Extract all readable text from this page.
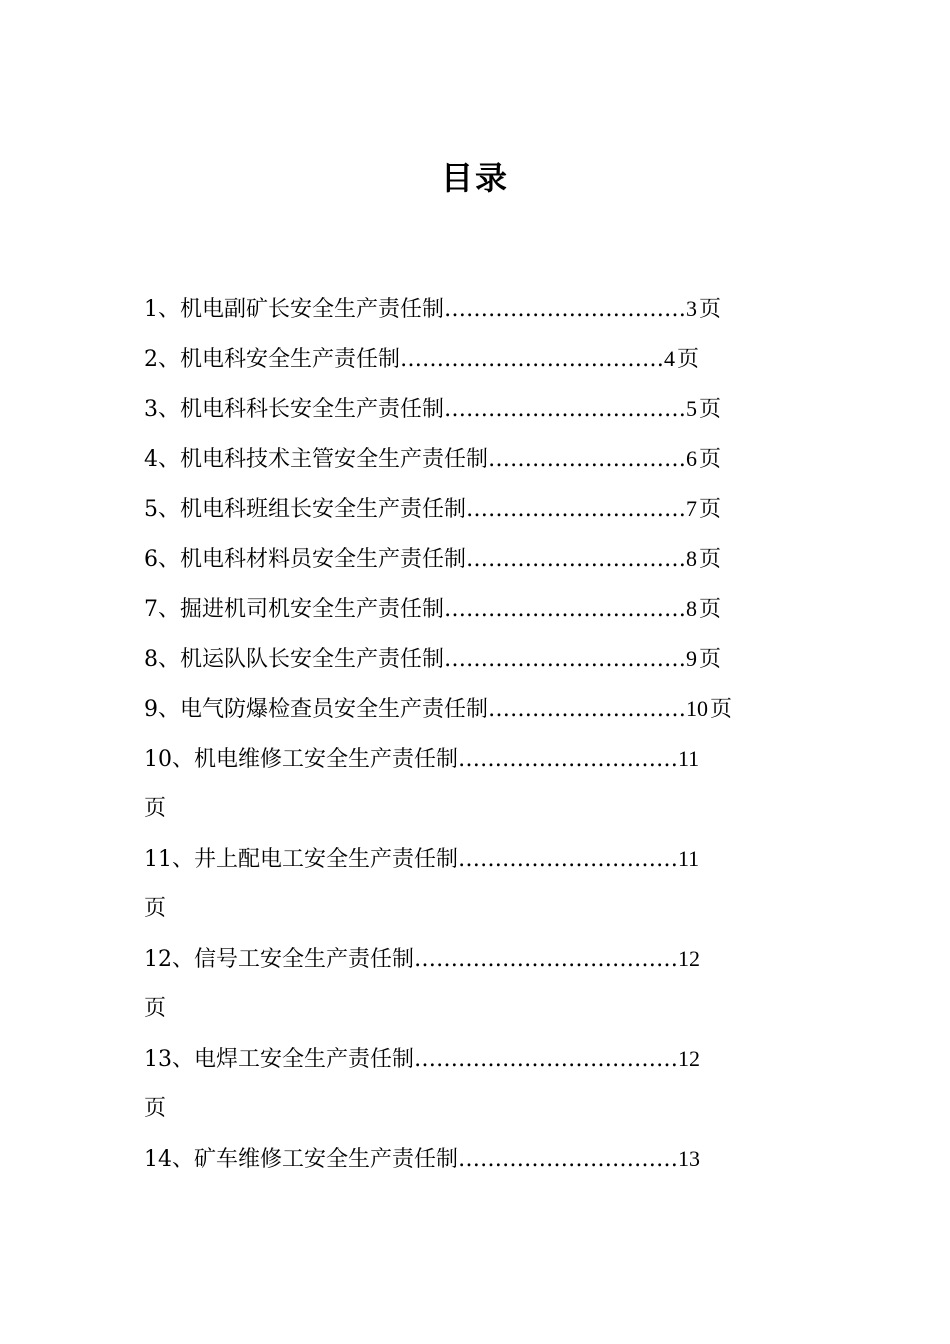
目录
1、机电副矿长安全生产责任制 …………………………… 3 页
2、机电科安全生产责任制 ……………………………… 4 页
3、机电科科长安全生产责任制 …………………………… 5 页
4、机电科技术主管安全生产责任制 ……………………… 6 页
5、机电科班组长安全生产责任制 ………………………… 7 页
6、机电科材料员安全生产责任制 ………………………… 8 页
7、掘进机司机安全生产责任制 …………………………… 8 页
8、机运队队长安全生产责任制 …………………………… 9 页
9、电气防爆检查员安全生产责任制 ……………………… 10 页
10、机电维修工安全生产责任制 ………………………… 11
页
11、井上配电工安全生产责任制 ………………………… 11
页
12、信号工安全生产责任制 ……………………………… 12
页
13、电焊工安全生产责任制 ……………………………… 12
页
14、矿车维修工安全生产责任制 ………………………… 13
